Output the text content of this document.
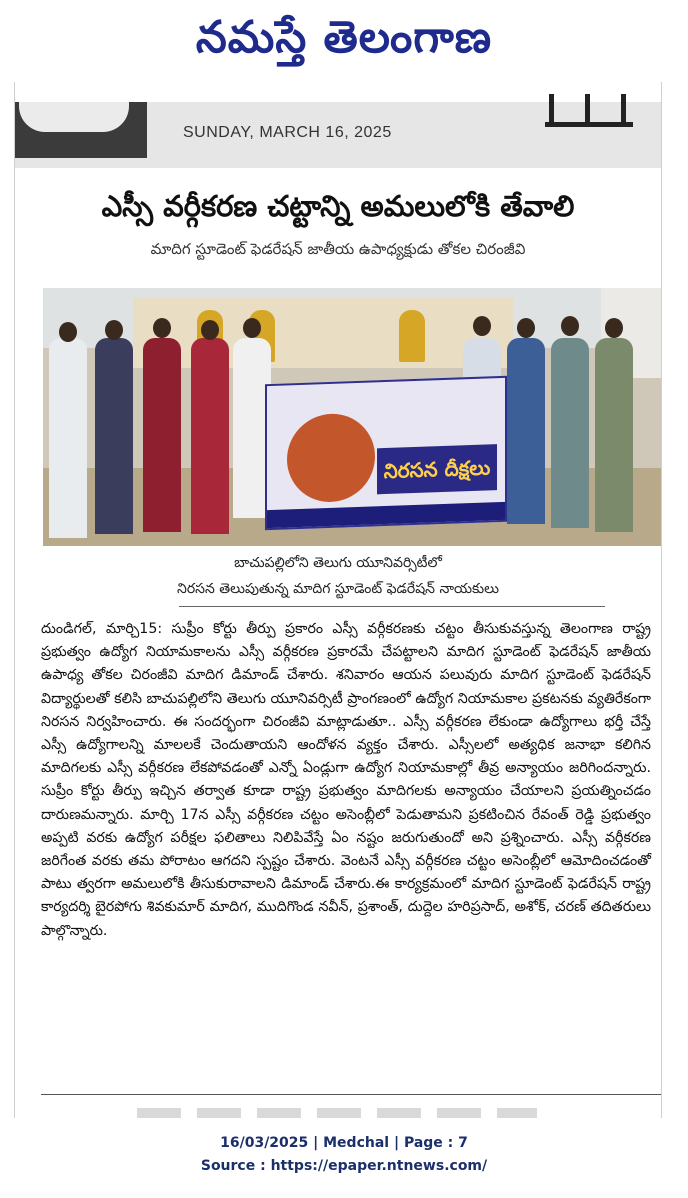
నమస్తే తెలంగాణ
SUNDAY, MARCH 16, 2025
ఎస్సీ వర్గీకరణ చట్టాన్ని అమలులోకి తేవాలి
మాదిగ స్టూడెంట్ ఫెడరేషన్ జాతీయ ఉపాధ్యక్షుడు తోకల చిరంజీవి
నిరసన దీక్షలు
బాచుపల్లిలోని తెలుగు యూనివర్సిటీలో
నిరసన తెలుపుతున్న మాదిగ స్టూడెంట్ ఫెడరేషన్ నాయకులు

దుండిగల్, మార్చి15: సుప్రీం కోర్టు తీర్పు ప్రకారం ఎస్సీ వర్గీకరణకు చట్టం తీసుకువస్తున్న తెలంగాణ రాష్ట్ర ప్రభుత్వం ఉద్యోగ నియామకాలను ఎస్సీ వర్గీకరణ ప్రకారమే చేపట్టాలని మాదిగ స్టూడెంట్ ఫెడరేషన్ జాతీయ ఉపాధ్య తోకల చిరంజీవి మాదిగ డిమాండ్ చేశారు. శనివారం ఆయన పలువురు మాదిగ స్టూడెంట్ ఫెడరేషన్ విద్యార్థులతో కలిసి బాచుపల్లిలోని తెలుగు యూనివర్సిటీ ప్రాంగణంలో ఉద్యోగ నియామకాల ప్రకటనకు వ్యతిరేకంగా నిరసన నిర్వహించారు. ఈ సందర్భంగా చిరంజీవి మాట్లాడుతూ.. ఎస్సీ వర్గీకరణ లేకుండా ఉద్యోగాలు భర్తీ చేస్తే ఎస్సీ ఉద్యోగాలన్ని మాలలకే చెందుతాయని ఆందోళన వ్యక్తం చేశారు. ఎస్సీలలో అత్యధిక జనాభా కలిగిన మాదిగలకు ఎస్సీ వర్గీకరణ లేకపోవడంతో ఎన్నో ఏండ్లుగా ఉద్యోగ నియామకాల్లో తీవ్ర అన్యాయం జరిగిందన్నారు. సుప్రీం కోర్టు తీర్పు ఇచ్చిన తర్వాత కూడా రాష్ట్ర ప్రభుత్వం మాదిగలకు అన్యాయం చేయాలని ప్రయత్నించడం దారుణమన్నారు. మార్చి 17న ఎస్సీ వర్గీకరణ చట్టం అసెంబ్లీలో పెడుతామని ప్రకటించిన రేవంత్ రెడ్డి ప్రభుత్వం అప్పటి వరకు ఉద్యోగ పరీక్షల ఫలితాలు నిలిపివేస్తే ఏం నష్టం జరుగుతుందో అని ప్రశ్నించారు. ఎస్సీ వర్గీకరణ జరిగేంత వరకు తమ పోరాటం ఆగదని స్పష్టం చేశారు. వెంటనే ఎస్సీ వర్గీకరణ చట్టం అసెంబ్లీలో ఆమోదించడంతో పాటు త్వరగా అమలులోకి తీసుకురావాలని డిమాండ్ చేశారు.ఈ కార్యక్రమంలో మాదిగ స్టూడెంట్ ఫెడరేషన్ రాష్ట్ర కార్యదర్శి బైరపోగు శివకుమార్ మాదిగ, ముదిగొండ నవీన్, ప్రశాంత్, దుద్దెల హరిప్రసాద్, అశోక్, చరణ్ తదితరులు పాల్గొన్నారు.

16/03/2025 | Medchal | Page : 7
Source : https://epaper.ntnews.com/
